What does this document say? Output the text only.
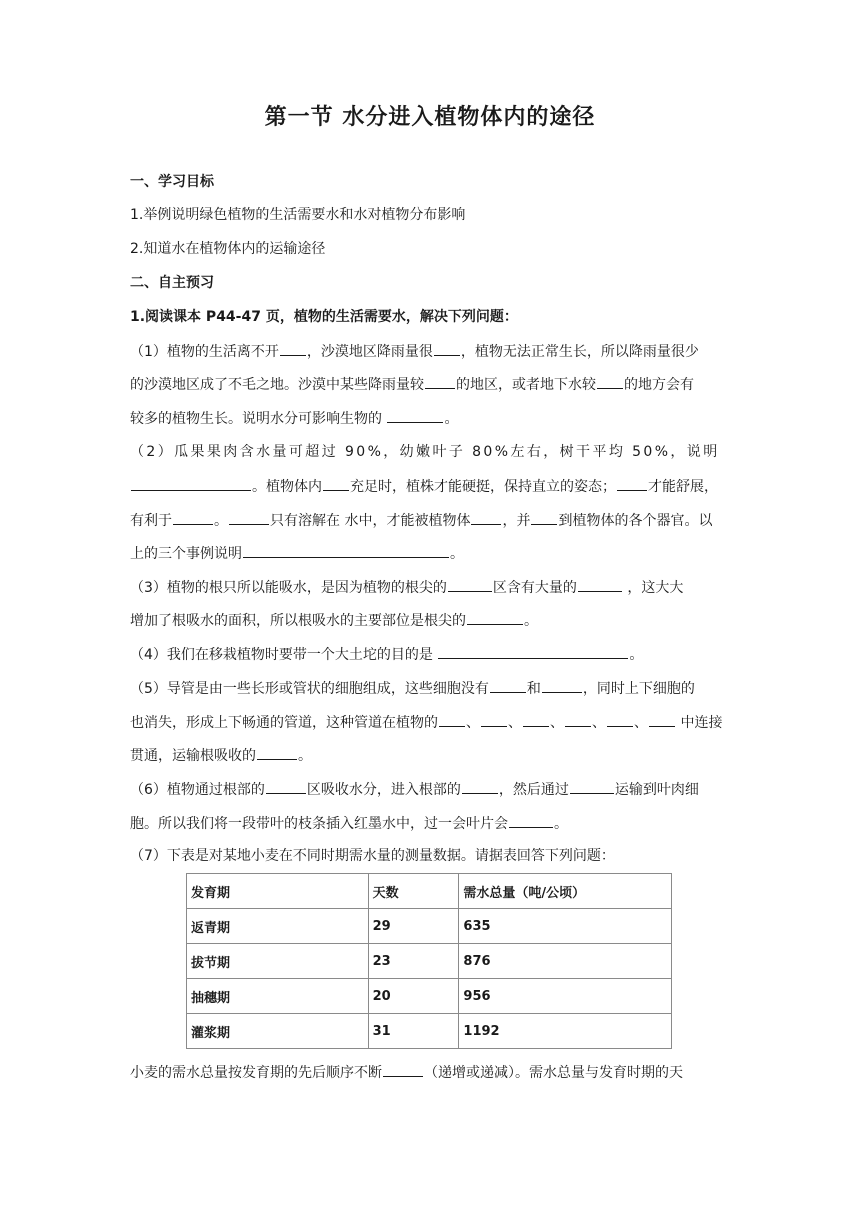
第一节 水分进入植物体内的途径
一、学习目标
1.举例说明绿色植物的生活需要水和水对植物分布影响
2.知道水在植物体内的运输途径
二、自主预习
1.阅读课本 P44-47 页，植物的生活需要水，解决下列问题：
（1）植物的生活离不开 ，沙漠地区降雨量很 ，植物无法正常生长，所以降雨量很少
的沙漠地区成了不毛之地。沙漠中某些降雨量较 的地区，或者地下水较 的地方会有
较多的植物生长。说明水分可影响生物的	。
（2）瓜果果肉含水量可超过 90%，幼嫩叶子 80%左右，树干平均 50%，说明
。植物体内 充足时，植株才能硬挺，保持直立的姿态； 才能舒展，
有利于	。	只有溶解在 水中，才能被植物体 ，并 到植物体的各个器官。以
上的三个事例说明	。
（3）植物的根只所以能吸水，是因为植物的根尖的	区含有大量的	，这大大
增加了根吸水的面积，所以根吸水的主要部位是根尖的	。
（4）我们在移栽植物时要带一个大土坨的目的是	。
（5）导管是由一些长形或管状的细胞组成，这些细胞没有	和	，同时上下细胞的
也消失，形成上下畅通的管道，这种管道在植物的 、 、 、 、 、 中连接
贯通，运输根吸收的	。
（6）植物通过根部的	区吸收水分，进入根部的	，然后通过	运输到叶肉细
胞。所以我们将一段带叶的枝条插入红墨水中，过一会叶片会	。
（7）下表是对某地小麦在不同时期需水量的测量数据。请据表回答下列问题：
发育期	天数	需水总量（吨/公顷）
返青期	29	635
拔节期	23	876
抽穗期	20	956
灌浆期	31	1192
小麦的需水总量按发育期的先后顺序不断	（递增或递减）。需水总量与发育时期的天
